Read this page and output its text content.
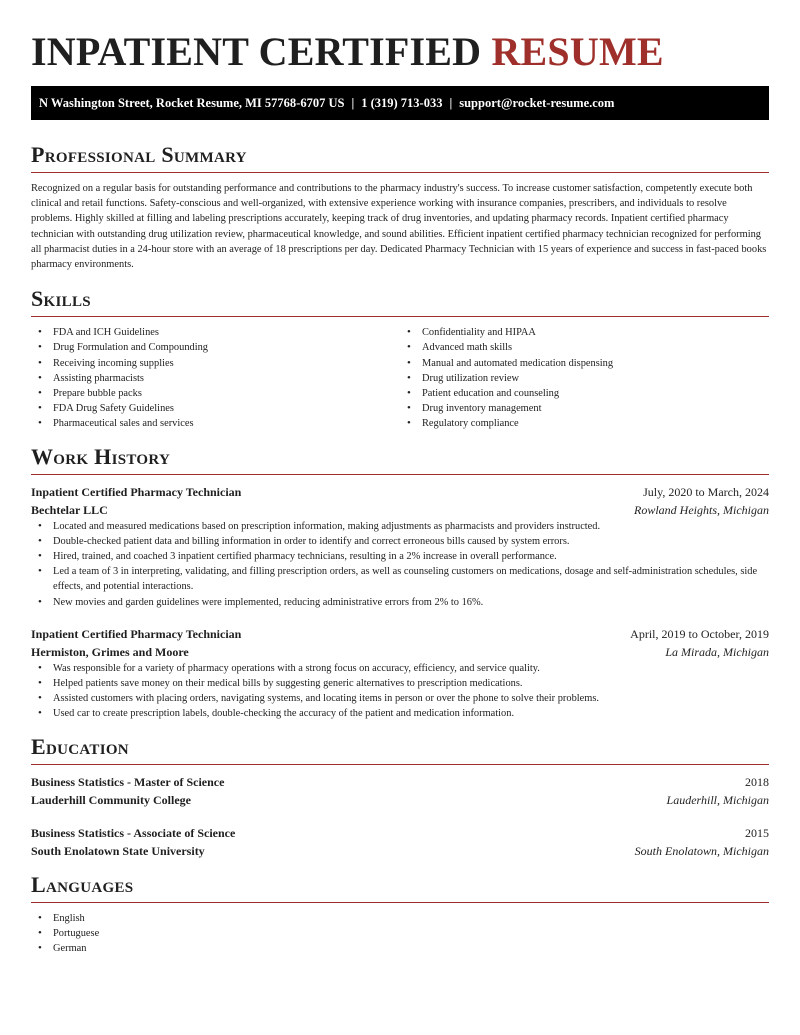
INPATIENT CERTIFIED RESUME
N Washington Street, Rocket Resume, MI 57768-6707 US | 1 (319) 713-033 | support@rocket-resume.com
Professional Summary

Recognized on a regular basis for outstanding performance and contributions to the pharmacy industry's success. To increase customer satisfaction, competently execute both clinical and retail functions. Safety-conscious and well-organized, with extensive experience working with insurance companies, prescribers, and individuals to resolve problems. Highly skilled at filling and labeling prescriptions accurately, keeping track of drug inventories, and updating pharmacy records. Inpatient certified pharmacy technician with outstanding drug utilization review, pharmaceutical knowledge, and sound abilities. Efficient inpatient certified pharmacy technician recognized for performing all pharmacist duties in a 24-hour store with an average of 18 prescriptions per day. Dedicated Pharmacy Technician with 15 years of experience and success in fast-paced books pharmacy environments.

Skills
• FDA and ICH Guidelines
• Drug Formulation and Compounding
• Receiving incoming supplies
• Assisting pharmacists
• Prepare bubble packs
• FDA Drug Safety Guidelines
• Pharmaceutical sales and services
• Confidentiality and HIPAA
• Advanced math skills
• Manual and automated medication dispensing
• Drug utilization review
• Patient education and counseling
• Drug inventory management
• Regulatory compliance
Work History
Inpatient Certified Pharmacy Technician	July, 2020 to March, 2024
Bechtelar LLC	Rowland Heights, Michigan
• Located and measured medications based on prescription information, making adjustments as pharmacists and providers instructed.
• Double-checked patient data and billing information in order to identify and correct erroneous bills caused by system errors.
• Hired, trained, and coached 3 inpatient certified pharmacy technicians, resulting in a 2% increase in overall performance.
• Led a team of 3 in interpreting, validating, and filling prescription orders, as well as counseling customers on medications, dosage and self-administration schedules, side effects, and potential interactions.
• New movies and garden guidelines were implemented, reducing administrative errors from 2% to 16%.
Inpatient Certified Pharmacy Technician	April, 2019 to October, 2019
Hermiston, Grimes and Moore	La Mirada, Michigan
• Was responsible for a variety of pharmacy operations with a strong focus on accuracy, efficiency, and service quality.
• Helped patients save money on their medical bills by suggesting generic alternatives to prescription medications.
• Assisted customers with placing orders, navigating systems, and locating items in person or over the phone to solve their problems.
• Used car to create prescription labels, double-checking the accuracy of the patient and medication information.
Education
Business Statistics - Master of Science	2018
Lauderhill Community College	Lauderhill, Michigan
Business Statistics - Associate of Science	2015
South Enolatown State University	South Enolatown, Michigan
Languages
• English
• Portuguese
• German
